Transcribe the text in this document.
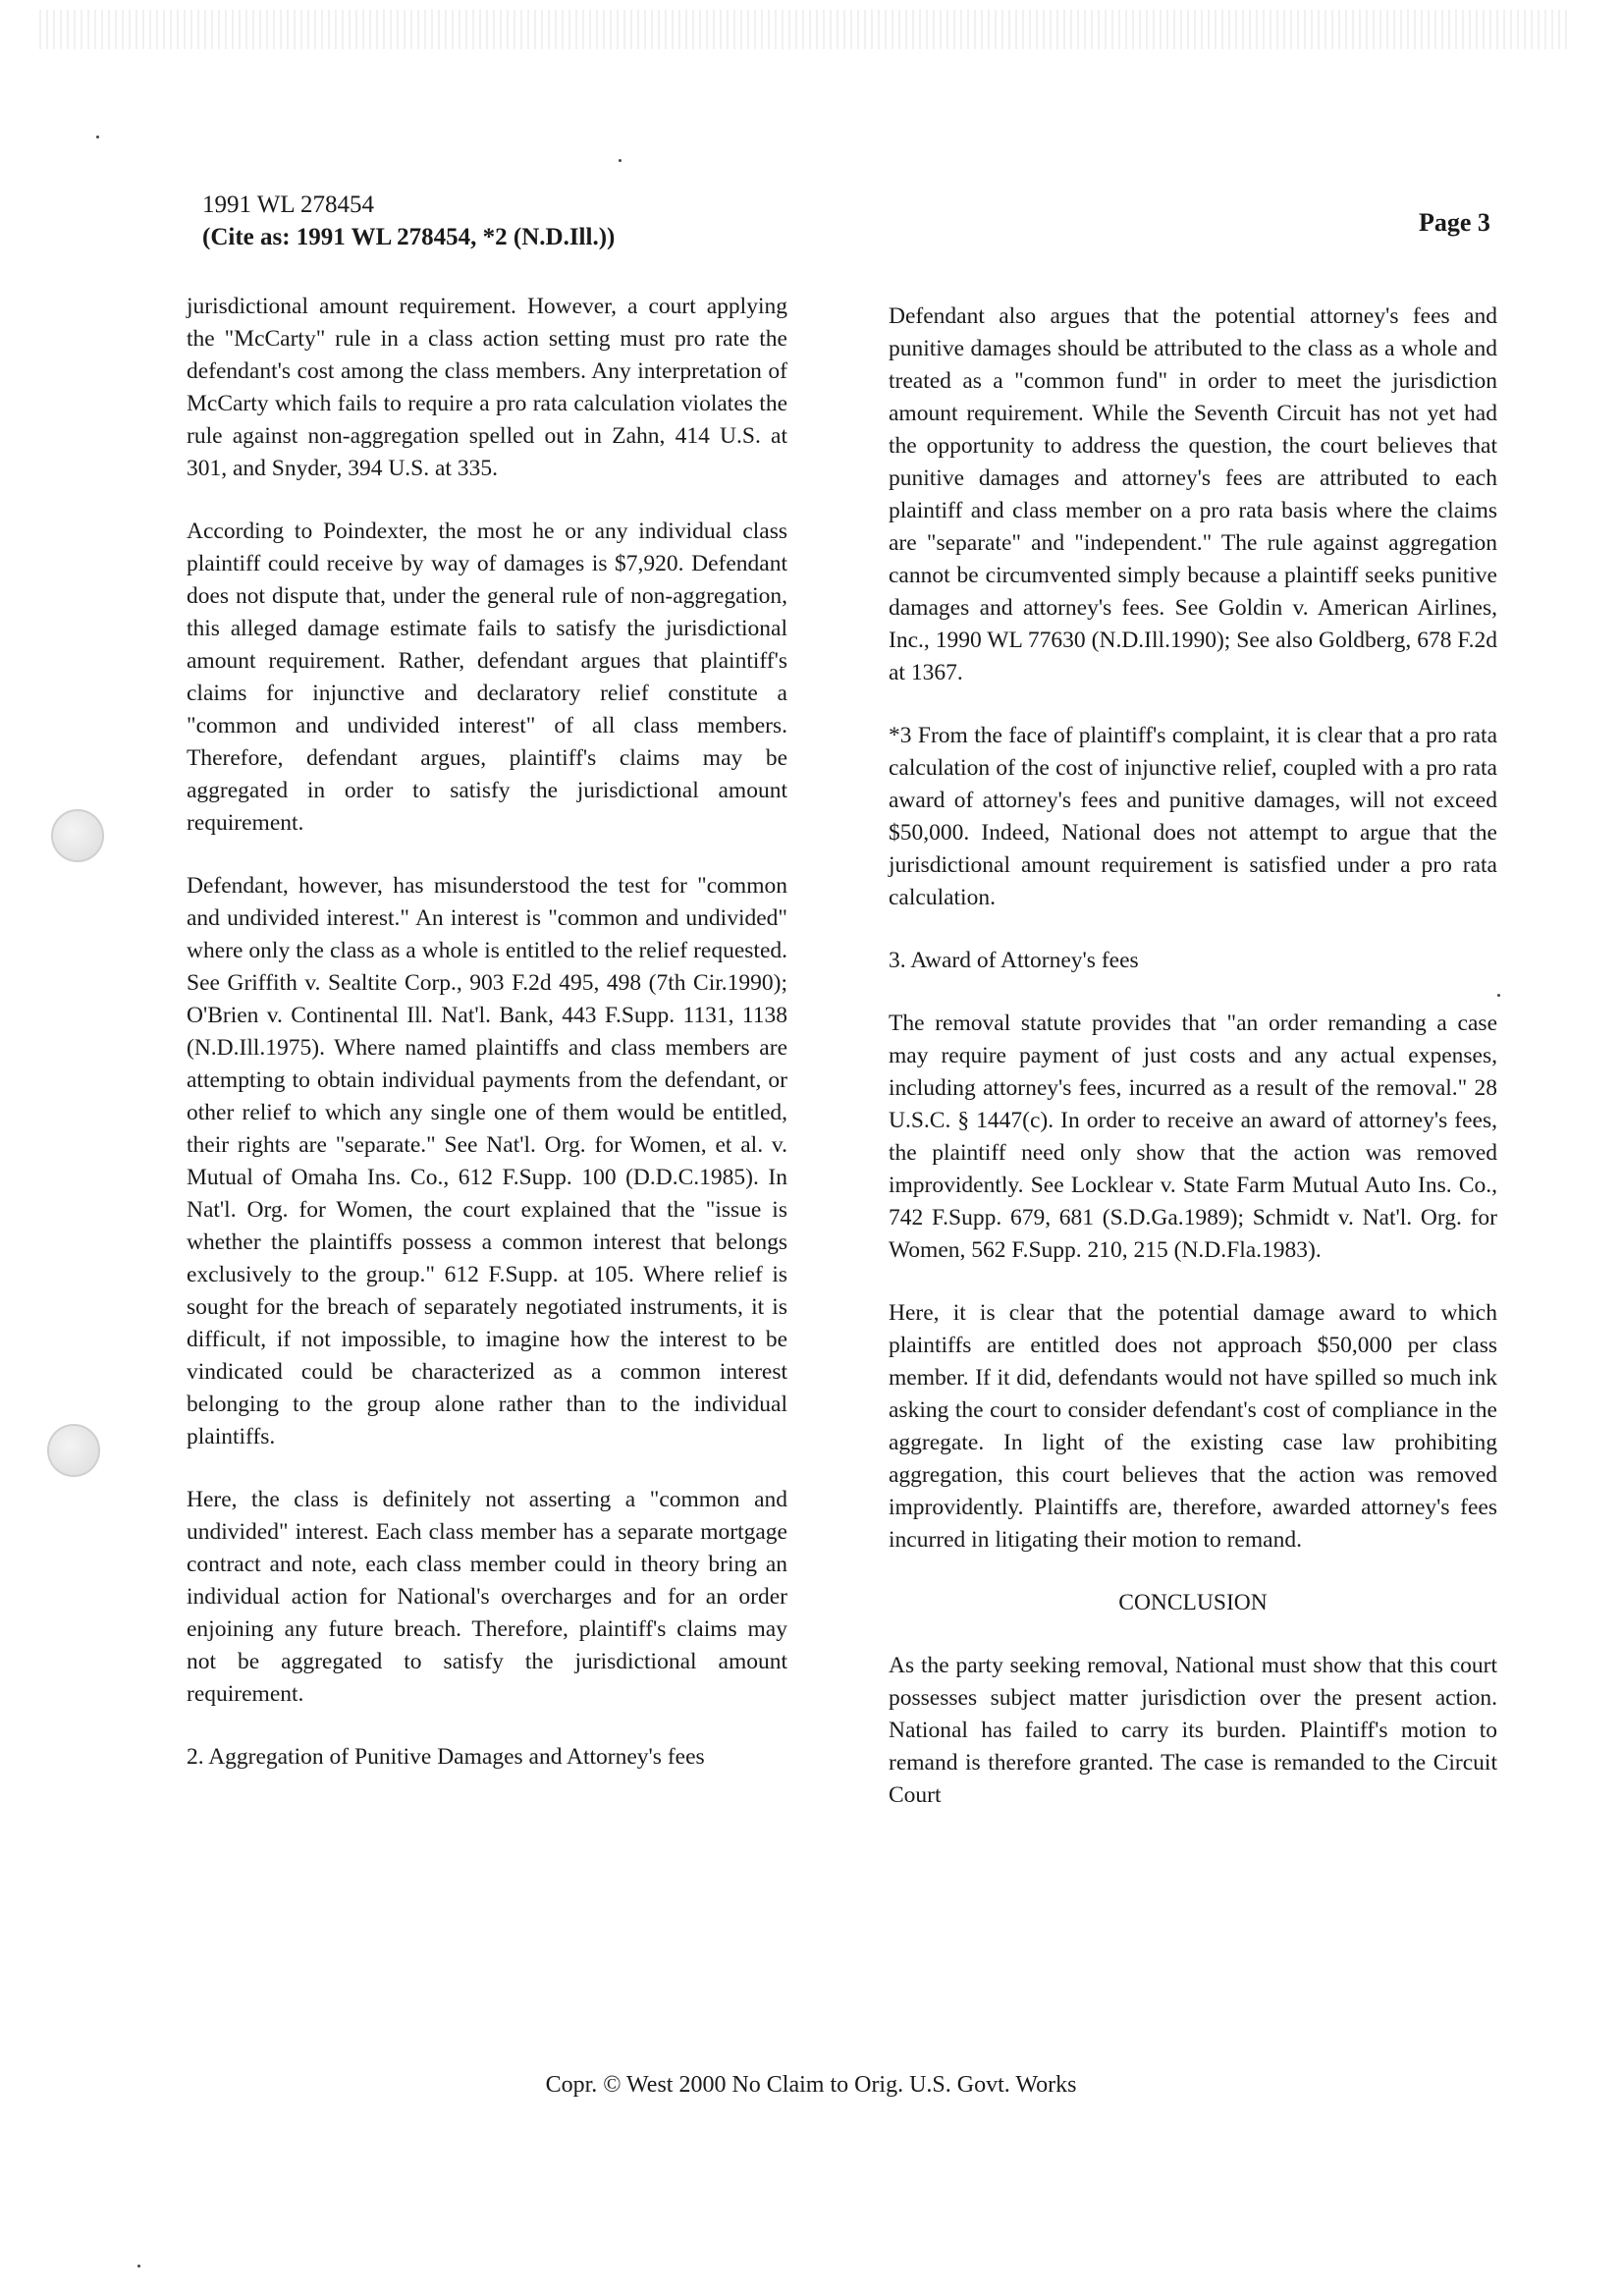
1991 WL 278454
(Cite as: 1991 WL 278454, *2 (N.D.Ill.))
Page 3

jurisdictional amount requirement. However, a court applying the "McCarty" rule in a class action setting must pro rate the defendant's cost among the class members. Any interpretation of McCarty which fails to require a pro rata calculation violates the rule against non-aggregation spelled out in Zahn, 414 U.S. at 301, and Snyder, 394 U.S. at 335.

According to Poindexter, the most he or any individual class plaintiff could receive by way of damages is $7,920. Defendant does not dispute that, under the general rule of non-aggregation, this alleged damage estimate fails to satisfy the jurisdictional amount requirement. Rather, defendant argues that plaintiff's claims for injunctive and declaratory relief constitute a "common and undivided interest" of all class members. Therefore, defendant argues, plaintiff's claims may be aggregated in order to satisfy the jurisdictional amount requirement.

Defendant, however, has misunderstood the test for "common and undivided interest." An interest is "common and undivided" where only the class as a whole is entitled to the relief requested. See Griffith v. Sealtite Corp., 903 F.2d 495, 498 (7th Cir.1990); O'Brien v. Continental Ill. Nat'l. Bank, 443 F.Supp. 1131, 1138 (N.D.Ill.1975). Where named plaintiffs and class members are attempting to obtain individual payments from the defendant, or other relief to which any single one of them would be entitled, their rights are "separate." See Nat'l. Org. for Women, et al. v. Mutual of Omaha Ins. Co., 612 F.Supp. 100 (D.D.C.1985). In Nat'l. Org. for Women, the court explained that the "issue is whether the plaintiffs possess a common interest that belongs exclusively to the group." 612 F.Supp. at 105. Where relief is sought for the breach of separately negotiated instruments, it is difficult, if not impossible, to imagine how the interest to be vindicated could be characterized as a common interest belonging to the group alone rather than to the individual plaintiffs.

Here, the class is definitely not asserting a "common and undivided" interest. Each class member has a separate mortgage contract and note, each class member could in theory bring an individual action for National's overcharges and for an order enjoining any future breach. Therefore, plaintiff's claims may not be aggregated to satisfy the jurisdictional amount requirement.

2. Aggregation of Punitive Damages and Attorney's fees

Defendant also argues that the potential attorney's fees and punitive damages should be attributed to the class as a whole and treated as a "common fund" in order to meet the jurisdiction amount requirement. While the Seventh Circuit has not yet had the opportunity to address the question, the court believes that punitive damages and attorney's fees are attributed to each plaintiff and class member on a pro rata basis where the claims are "separate" and "independent." The rule against aggregation cannot be circumvented simply because a plaintiff seeks punitive damages and attorney's fees. See Goldin v. American Airlines, Inc., 1990 WL 77630 (N.D.Ill.1990); See also Goldberg, 678 F.2d at 1367.

*3 From the face of plaintiff's complaint, it is clear that a pro rata calculation of the cost of injunctive relief, coupled with a pro rata award of attorney's fees and punitive damages, will not exceed $50,000. Indeed, National does not attempt to argue that the jurisdictional amount requirement is satisfied under a pro rata calculation.

3. Award of Attorney's fees

The removal statute provides that "an order remanding a case may require payment of just costs and any actual expenses, including attorney's fees, incurred as a result of the removal." 28 U.S.C. § 1447(c). In order to receive an award of attorney's fees, the plaintiff need only show that the action was removed improvidently. See Locklear v. State Farm Mutual Auto Ins. Co., 742 F.Supp. 679, 681 (S.D.Ga.1989); Schmidt v. Nat'l. Org. for Women, 562 F.Supp. 210, 215 (N.D.Fla.1983).

Here, it is clear that the potential damage award to which plaintiffs are entitled does not approach $50,000 per class member. If it did, defendants would not have spilled so much ink asking the court to consider defendant's cost of compliance in the aggregate. In light of the existing case law prohibiting aggregation, this court believes that the action was removed improvidently. Plaintiffs are, therefore, awarded attorney's fees incurred in litigating their motion to remand.

CONCLUSION

As the party seeking removal, National must show that this court possesses subject matter jurisdiction over the present action. National has failed to carry its burden. Plaintiff's motion to remand is therefore granted. The case is remanded to the Circuit Court

Copr. © West 2000 No Claim to Orig. U.S. Govt. Works
